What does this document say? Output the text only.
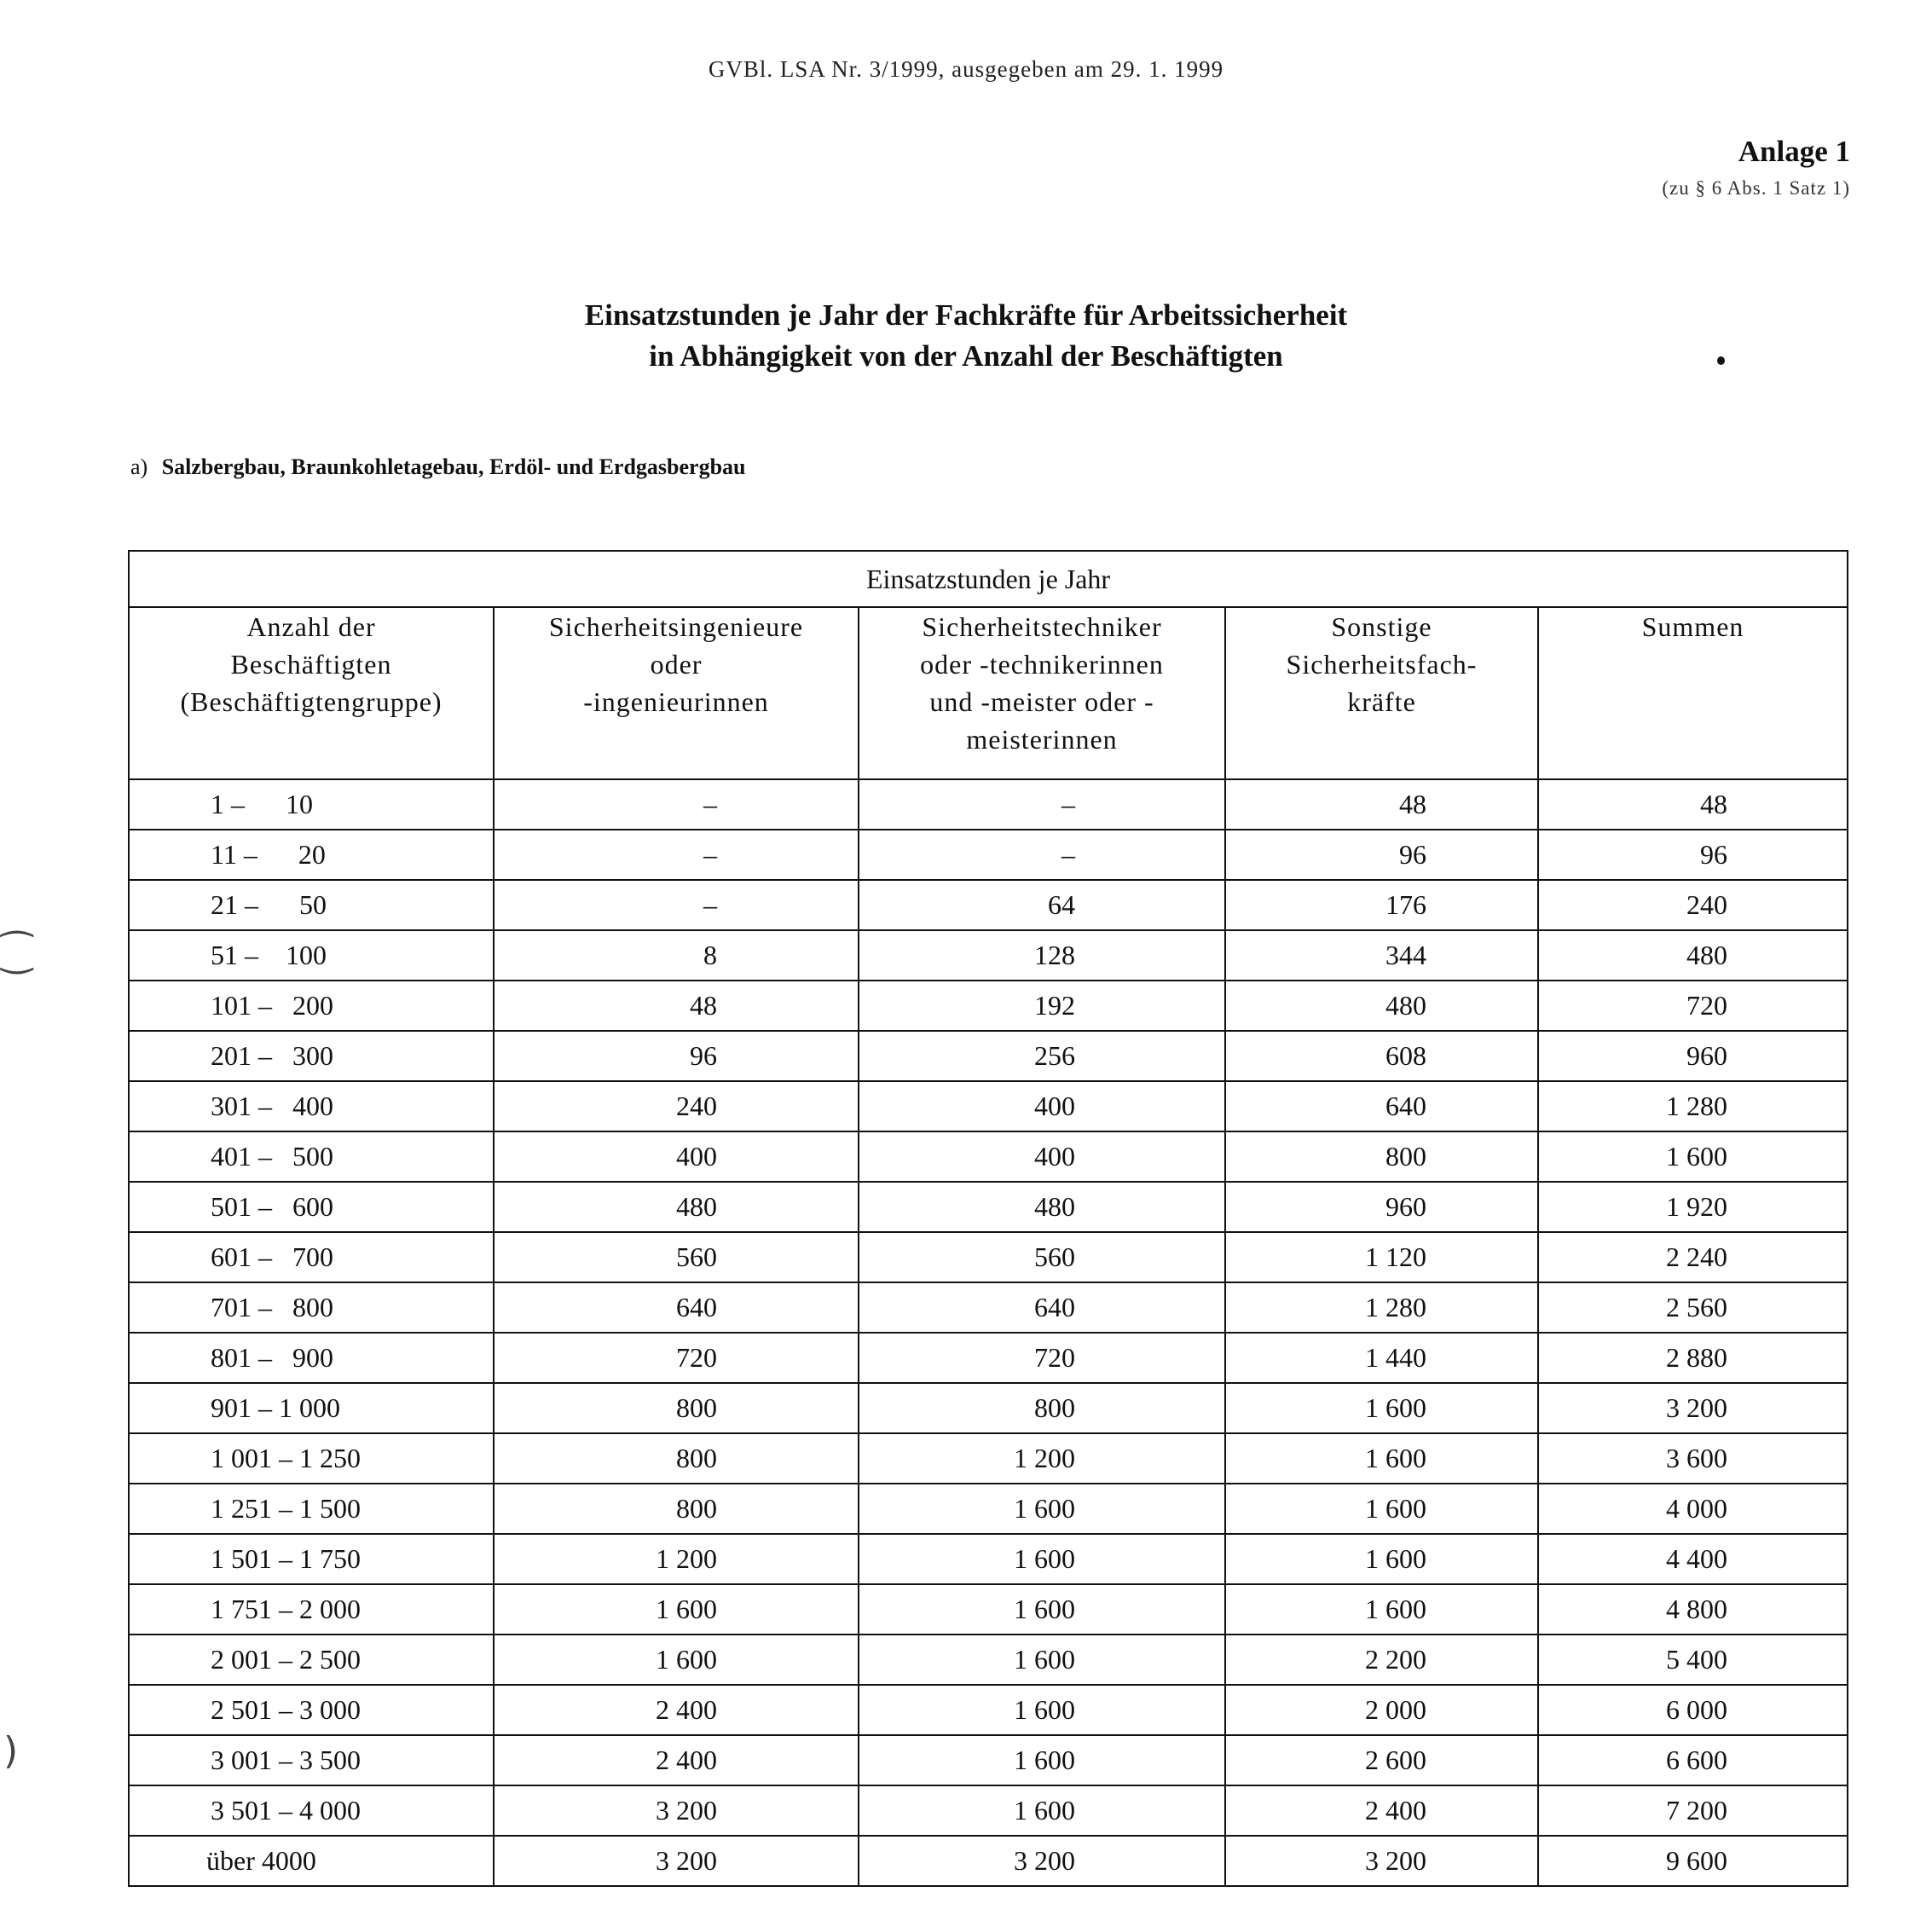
GVBl. LSA Nr. 3/1999, ausgegeben am 29. 1. 1999
Anlage 1
(zu § 6 Abs. 1 Satz 1)
Einsatzstunden je Jahr der Fachkräfte für Arbeitssicherheit
in Abhängigkeit von der Anzahl der Beschäftigten
a) Salzbergbau, Braunkohletagebau, Erdöl- und Erdgasbergbau
⁐
)
Einsatzstunden je Jahr				

Anzahl der
Beschäftigten
(Beschäftigtengruppe)	Sicherheitsingenieure
oder
-ingenieurinnen	Sicherheitstechniker
oder -technikerinnen
und -meister oder -
meisterinnen	Sonstige
Sicherheitsfach-
kräfte	Summen

1 –      10	–	–	48	48
11 –      20	–	–	96	96
21 –      50	–	64	176	240
51 –    100	8	128	344	480
101 –   200	48	192	480	720
201 –   300	96	256	608	960
301 –   400	240	400	640	1 280
401 –   500	400	400	800	1 600
501 –   600	480	480	960	1 920
601 –   700	560	560	1 120	2 240
701 –   800	640	640	1 280	2 560
801 –   900	720	720	1 440	2 880
901 – 1 000	800	800	1 600	3 200
1 001 – 1 250	800	1 200	1 600	3 600
1 251 – 1 500	800	1 600	1 600	4 000
1 501 – 1 750	1 200	1 600	1 600	4 400
1 751 – 2 000	1 600	1 600	1 600	4 800
2 001 – 2 500	1 600	1 600	2 200	5 400
2 501 – 3 000	2 400	1 600	2 000	6 000
3 001 – 3 500	2 400	1 600	2 600	6 600
3 501 – 4 000	3 200	1 600	2 400	7 200
über 4000	3 200	3 200	3 200	9 600
